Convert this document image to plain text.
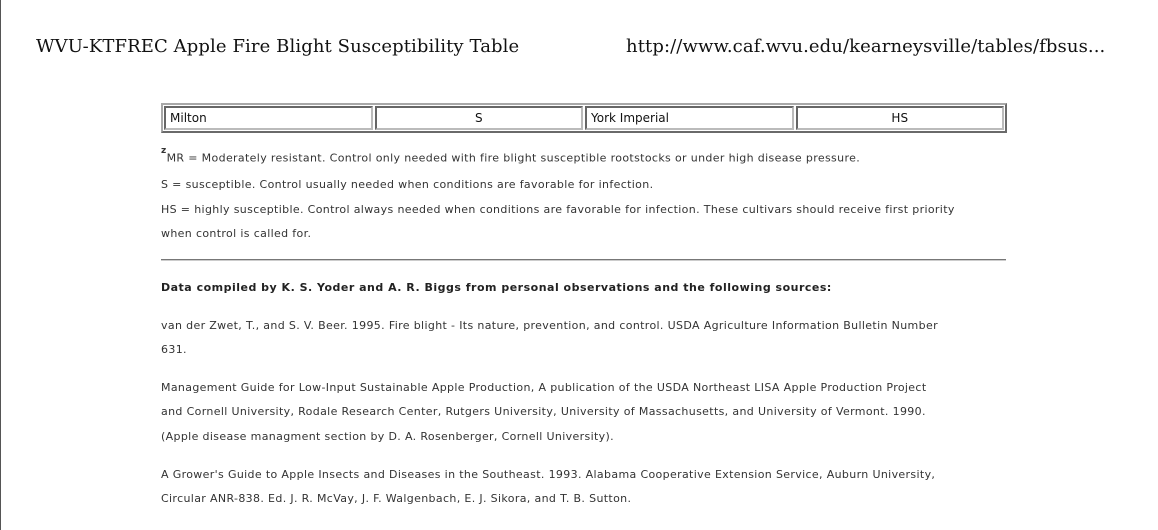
WVU-KTFREC Apple Fire Blight Susceptibility Table	http://www.caf.wvu.edu/kearneysville/tables/fbsus...
Milton	S	York Imperial	HS
$^z$MR = Moderately resistant. Control only needed with fire blight susceptible rootstocks or under high disease pressure.
S = susceptible. Control usually needed when conditions are favorable for infection.
HS = highly susceptible. Control always needed when conditions are favorable for infection. These cultivars should receive first priority
when control is called for.
Data compiled by K. S. Yoder and A. R. Biggs from personal observations and the following sources:
van der Zwet, T., and S. V. Beer. 1995. Fire blight - Its nature, prevention, and control. USDA Agriculture Information Bulletin Number
631.
Management Guide for Low-Input Sustainable Apple Production, A publication of the USDA Northeast LISA Apple Production Project
and Cornell University, Rodale Research Center, Rutgers University, University of Massachusetts, and University of Vermont. 1990.
(Apple disease managment section by D. A. Rosenberger, Cornell University).
A Grower's Guide to Apple Insects and Diseases in the Southeast. 1993. Alabama Cooperative Extension Service, Auburn University,
Circular ANR-838. Ed. J. R. McVay, J. F. Walgenbach, E. J. Sikora, and T. B. Sutton.
